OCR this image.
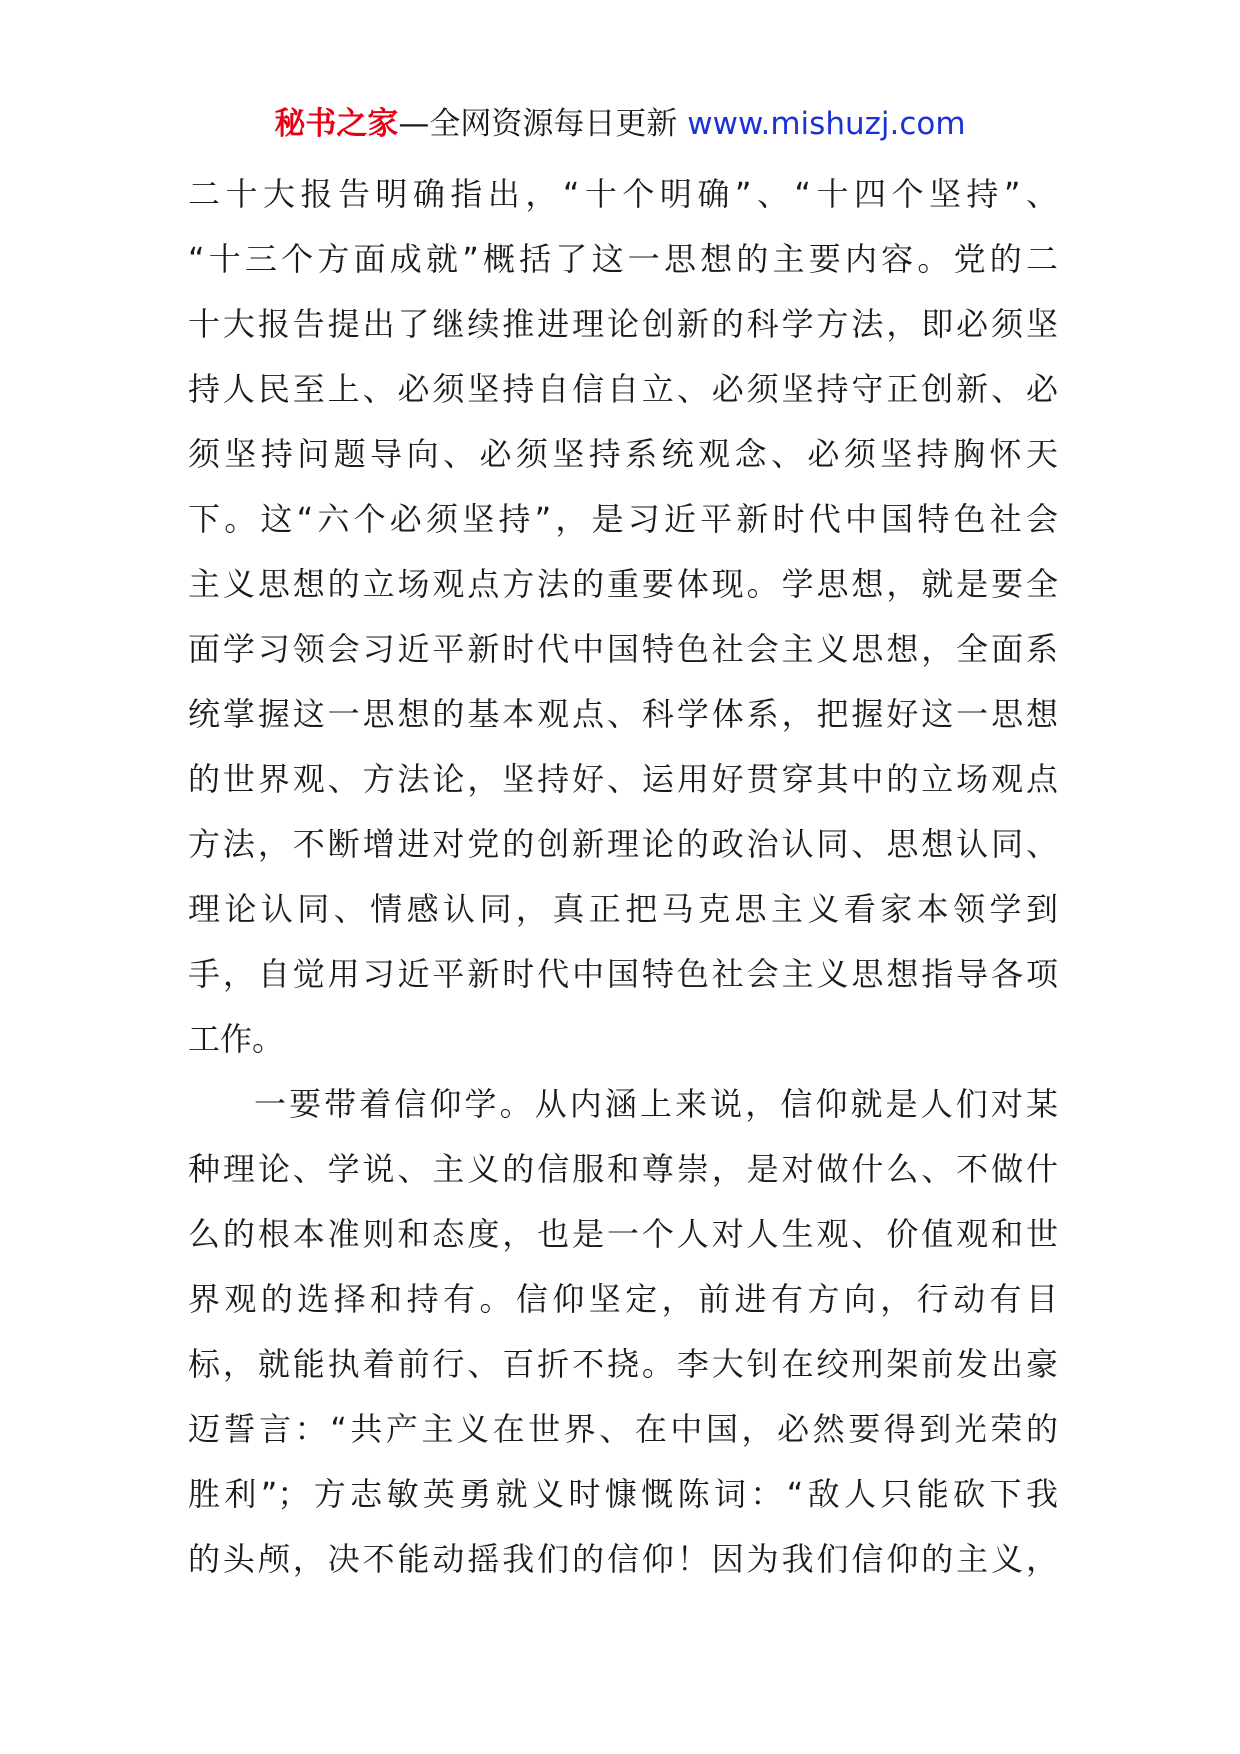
秘书之家—全网资源每日更新 www.mishuzj.com
二十大报告明确指出，“十个明确”、“十四个坚持”、
“十三个方面成就”概括了这一思想的主要内容。党的二
十大报告提出了继续推进理论创新的科学方法，即必须坚
持人民至上、必须坚持自信自立、必须坚持守正创新、必
须坚持问题导向、必须坚持系统观念、必须坚持胸怀天
下。这“六个必须坚持”，是习近平新时代中国特色社会
主义思想的立场观点方法的重要体现。学思想，就是要全
面学习领会习近平新时代中国特色社会主义思想，全面系
统掌握这一思想的基本观点、科学体系，把握好这一思想
的世界观、方法论，坚持好、运用好贯穿其中的立场观点
方法，不断增进对党的创新理论的政治认同、思想认同、
理论认同、情感认同，真正把马克思主义看家本领学到
手，自觉用习近平新时代中国特色社会主义思想指导各项
工作。
一要带着信仰学。从内涵上来说，信仰就是人们对某
种理论、学说、主义的信服和尊崇，是对做什么、不做什
么的根本准则和态度，也是一个人对人生观、价值观和世
界观的选择和持有。信仰坚定，前进有方向，行动有目
标，就能执着前行、百折不挠。李大钊在绞刑架前发出豪
迈誓言：“共产主义在世界、在中国，必然要得到光荣的
胜利”；方志敏英勇就义时慷慨陈词：“敌人只能砍下我
的头颅，决不能动摇我们的信仰！因为我们信仰的主义，
